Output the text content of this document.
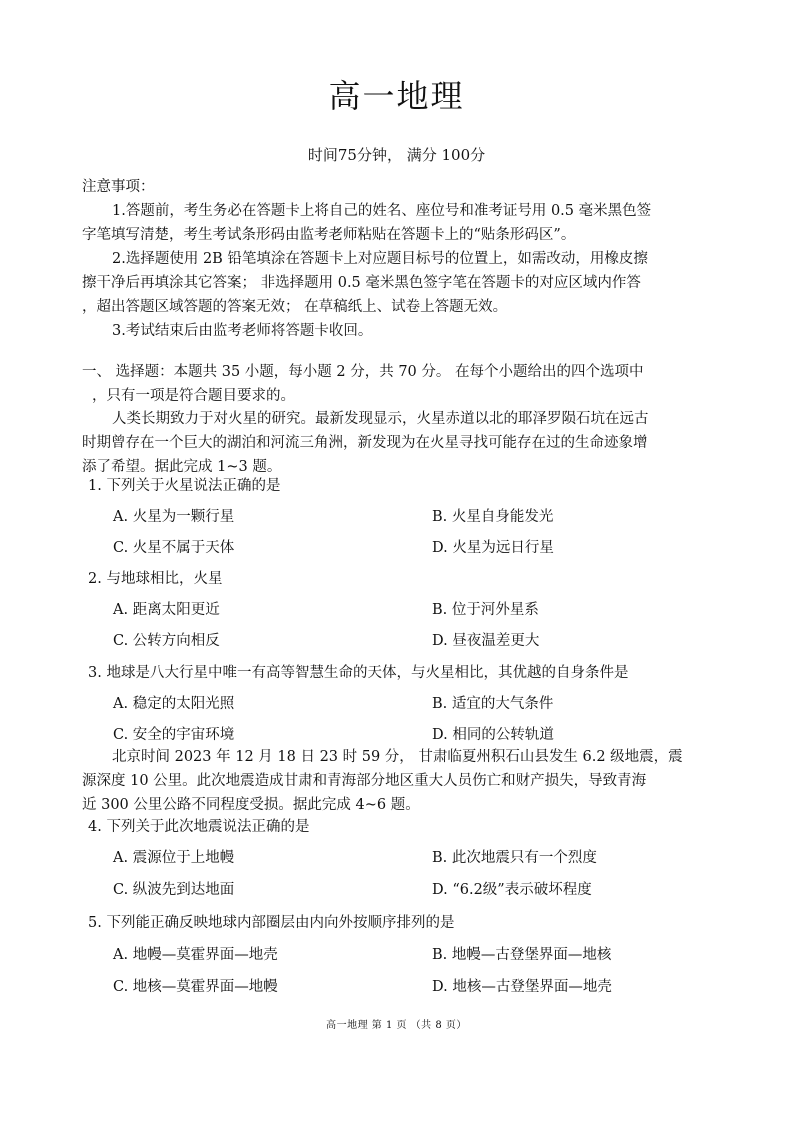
高一地理
时间75分钟， 满分 100分
注意事项：
1.答题前，考生务必在答题卡上将自己的姓名、座位号和准考证号用 0.5 毫米黑色签
字笔填写清楚，考生考试条形码由监考老师粘贴在答题卡上的“贴条形码区”。
2.选择题使用 2B 铅笔填涂在答题卡上对应题目标号的位置上，如需改动，用橡皮擦
擦干净后再填涂其它答案； 非选择题用 0.5 毫米黑色签字笔在答题卡的对应区域内作答
，超出答题区域答题的答案无效； 在草稿纸上、试卷上答题无效。
3.考试结束后由监考老师将答题卡收回。
一、 选择题：本题共 35 小题，每小题 2 分，共 70 分。 在每个小题给出的四个选项中
，只有一项是符合题目要求的。
人类长期致力于对火星的研究。最新发现显示，火星赤道以北的耶泽罗陨石坑在远古
时期曾存在一个巨大的湖泊和河流三角洲，新发现为在火星寻找可能存在过的生命迹象增
添了希望。据此完成 1~3 题。
1. 下列关于火星说法正确的是
A. 火星为一颗行星	B. 火星自身能发光
C. 火星不属于天体	D. 火星为远日行星
2. 与地球相比，火星
A. 距离太阳更近	B. 位于河外星系
C. 公转方向相反	D. 昼夜温差更大
3. 地球是八大行星中唯一有高等智慧生命的天体，与火星相比，其优越的自身条件是
A. 稳定的太阳光照	B. 适宜的大气条件
C. 安全的宇宙环境	D. 相同的公转轨道
北京时间 2023 年 12 月 18 日 23 时 59 分， 甘肃临夏州积石山县发生 6.2 级地震，震
源深度 10 公里。此次地震造成甘肃和青海部分地区重大人员伤亡和财产损失，导致青海
近 300 公里公路不同程度受损。据此完成 4~6 题。
4. 下列关于此次地震说法正确的是
A. 震源位于上地幔	B. 此次地震只有一个烈度
C. 纵波先到达地面	D. “6.2级”表示破坏程度
5. 下列能正确反映地球内部圈层由内向外按顺序排列的是
A. 地幔—莫霍界面—地壳	B. 地幔—古登堡界面—地核
C. 地核—莫霍界面—地幔	D. 地核—古登堡界面—地壳
高一地理 第 1 页 （共 8 页）
